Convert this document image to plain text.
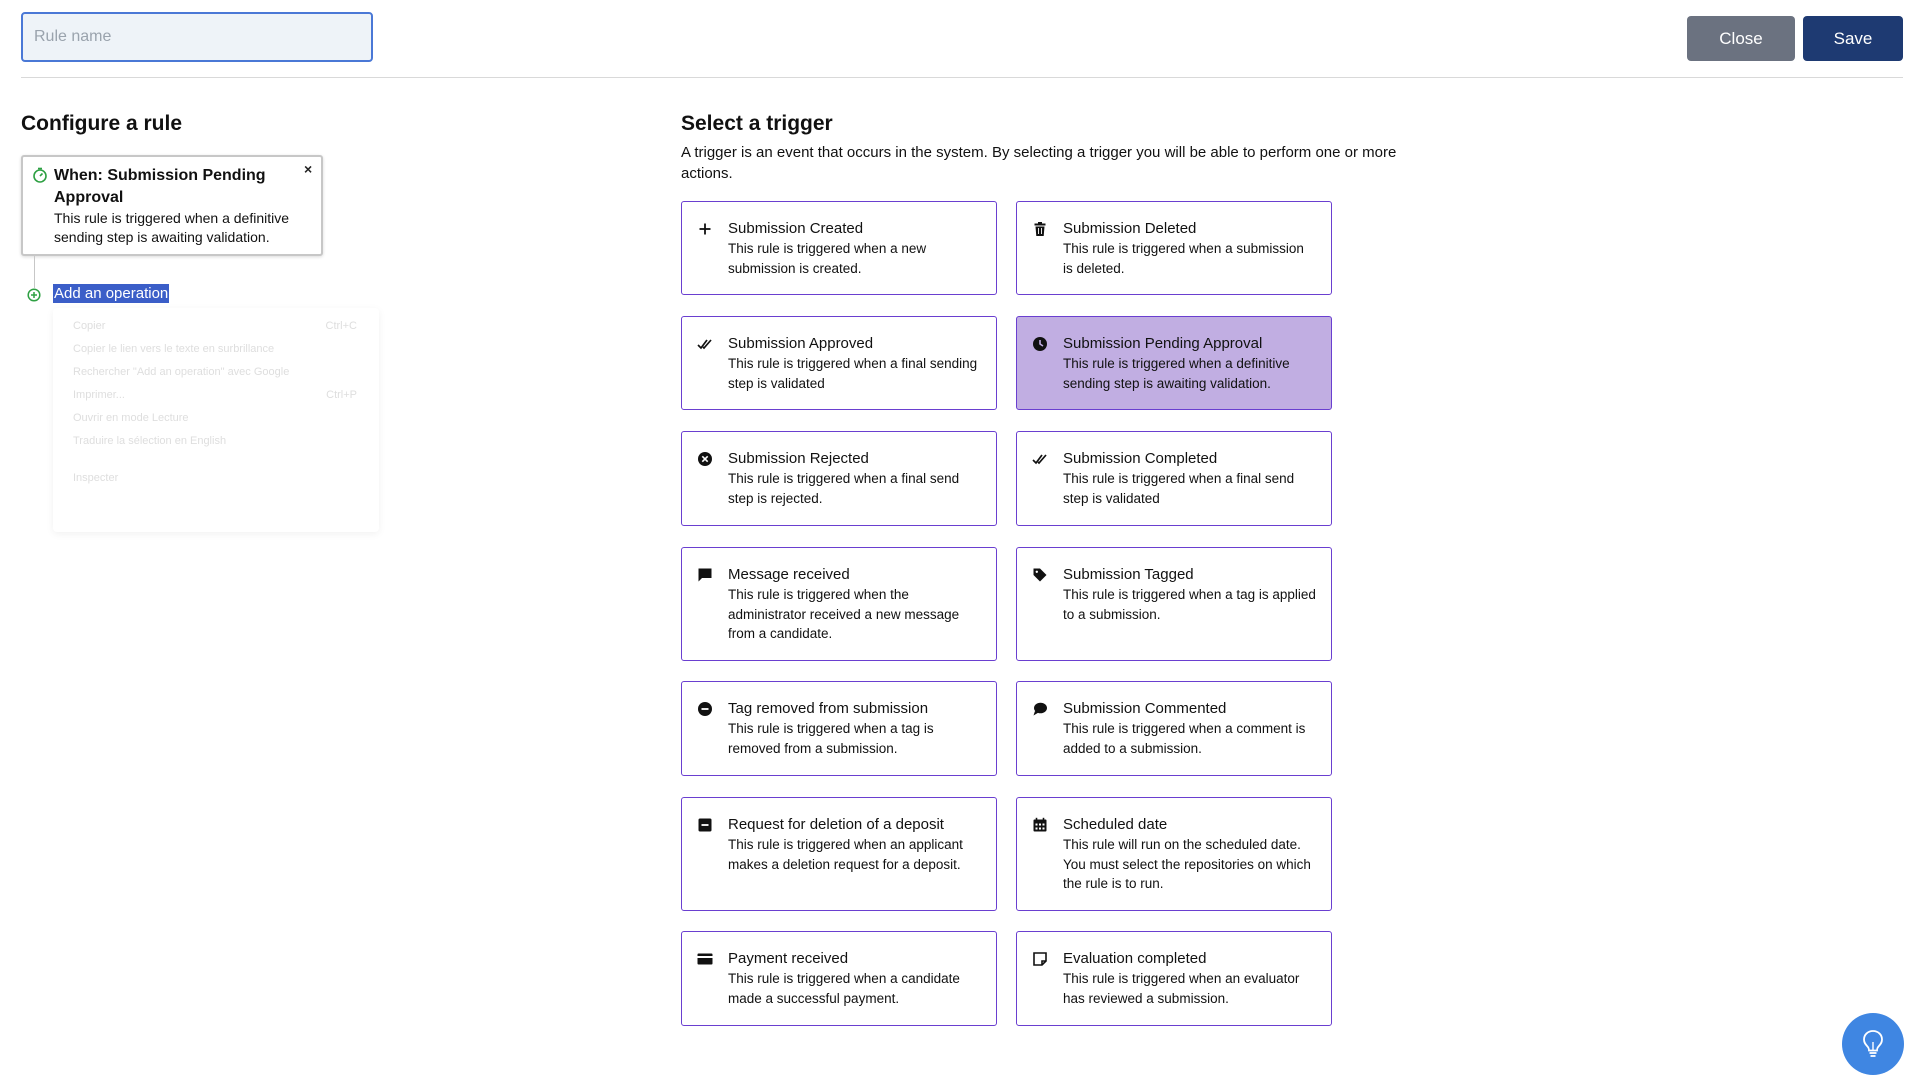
Rule name
Close	Save
Configure a rule
When: Submission Pending Approval
This rule is triggered when a definitive sending step is awaiting validation.
×
Add an operation
Copier	Ctrl+C
Copier le lien vers le texte en surbrillance
Rechercher "Add an operation" avec Google
Imprimer...	Ctrl+P
Ouvrir en mode Lecture
Traduire la sélection en English
Inspecter
Select a trigger
A trigger is an event that occurs in the system. By selecting a trigger you will be able to perform one or more actions.
Submission Created
This rule is triggered when a new submission is created.
Submission Deleted
This rule is triggered when a submission is deleted.
Submission Approved
This rule is triggered when a final sending step is validated
Submission Pending Approval
This rule is triggered when a definitive sending step is awaiting validation.
Submission Rejected
This rule is triggered when a final send step is rejected.
Submission Completed
This rule is triggered when a final send step is validated
Message received
This rule is triggered when the administrator received a new message from a candidate.
Submission Tagged
This rule is triggered when a tag is applied to a submission.
Tag removed from submission
This rule is triggered when a tag is removed from a submission.
Submission Commented
This rule is triggered when a comment is added to a submission.
Request for deletion of a deposit
This rule is triggered when an applicant makes a deletion request for a deposit.
Scheduled date
This rule will run on the scheduled date. You must select the repositories on which the rule is to run.
Payment received
This rule is triggered when a candidate made a successful payment.
Evaluation completed
This rule is triggered when an evaluator has reviewed a submission.
